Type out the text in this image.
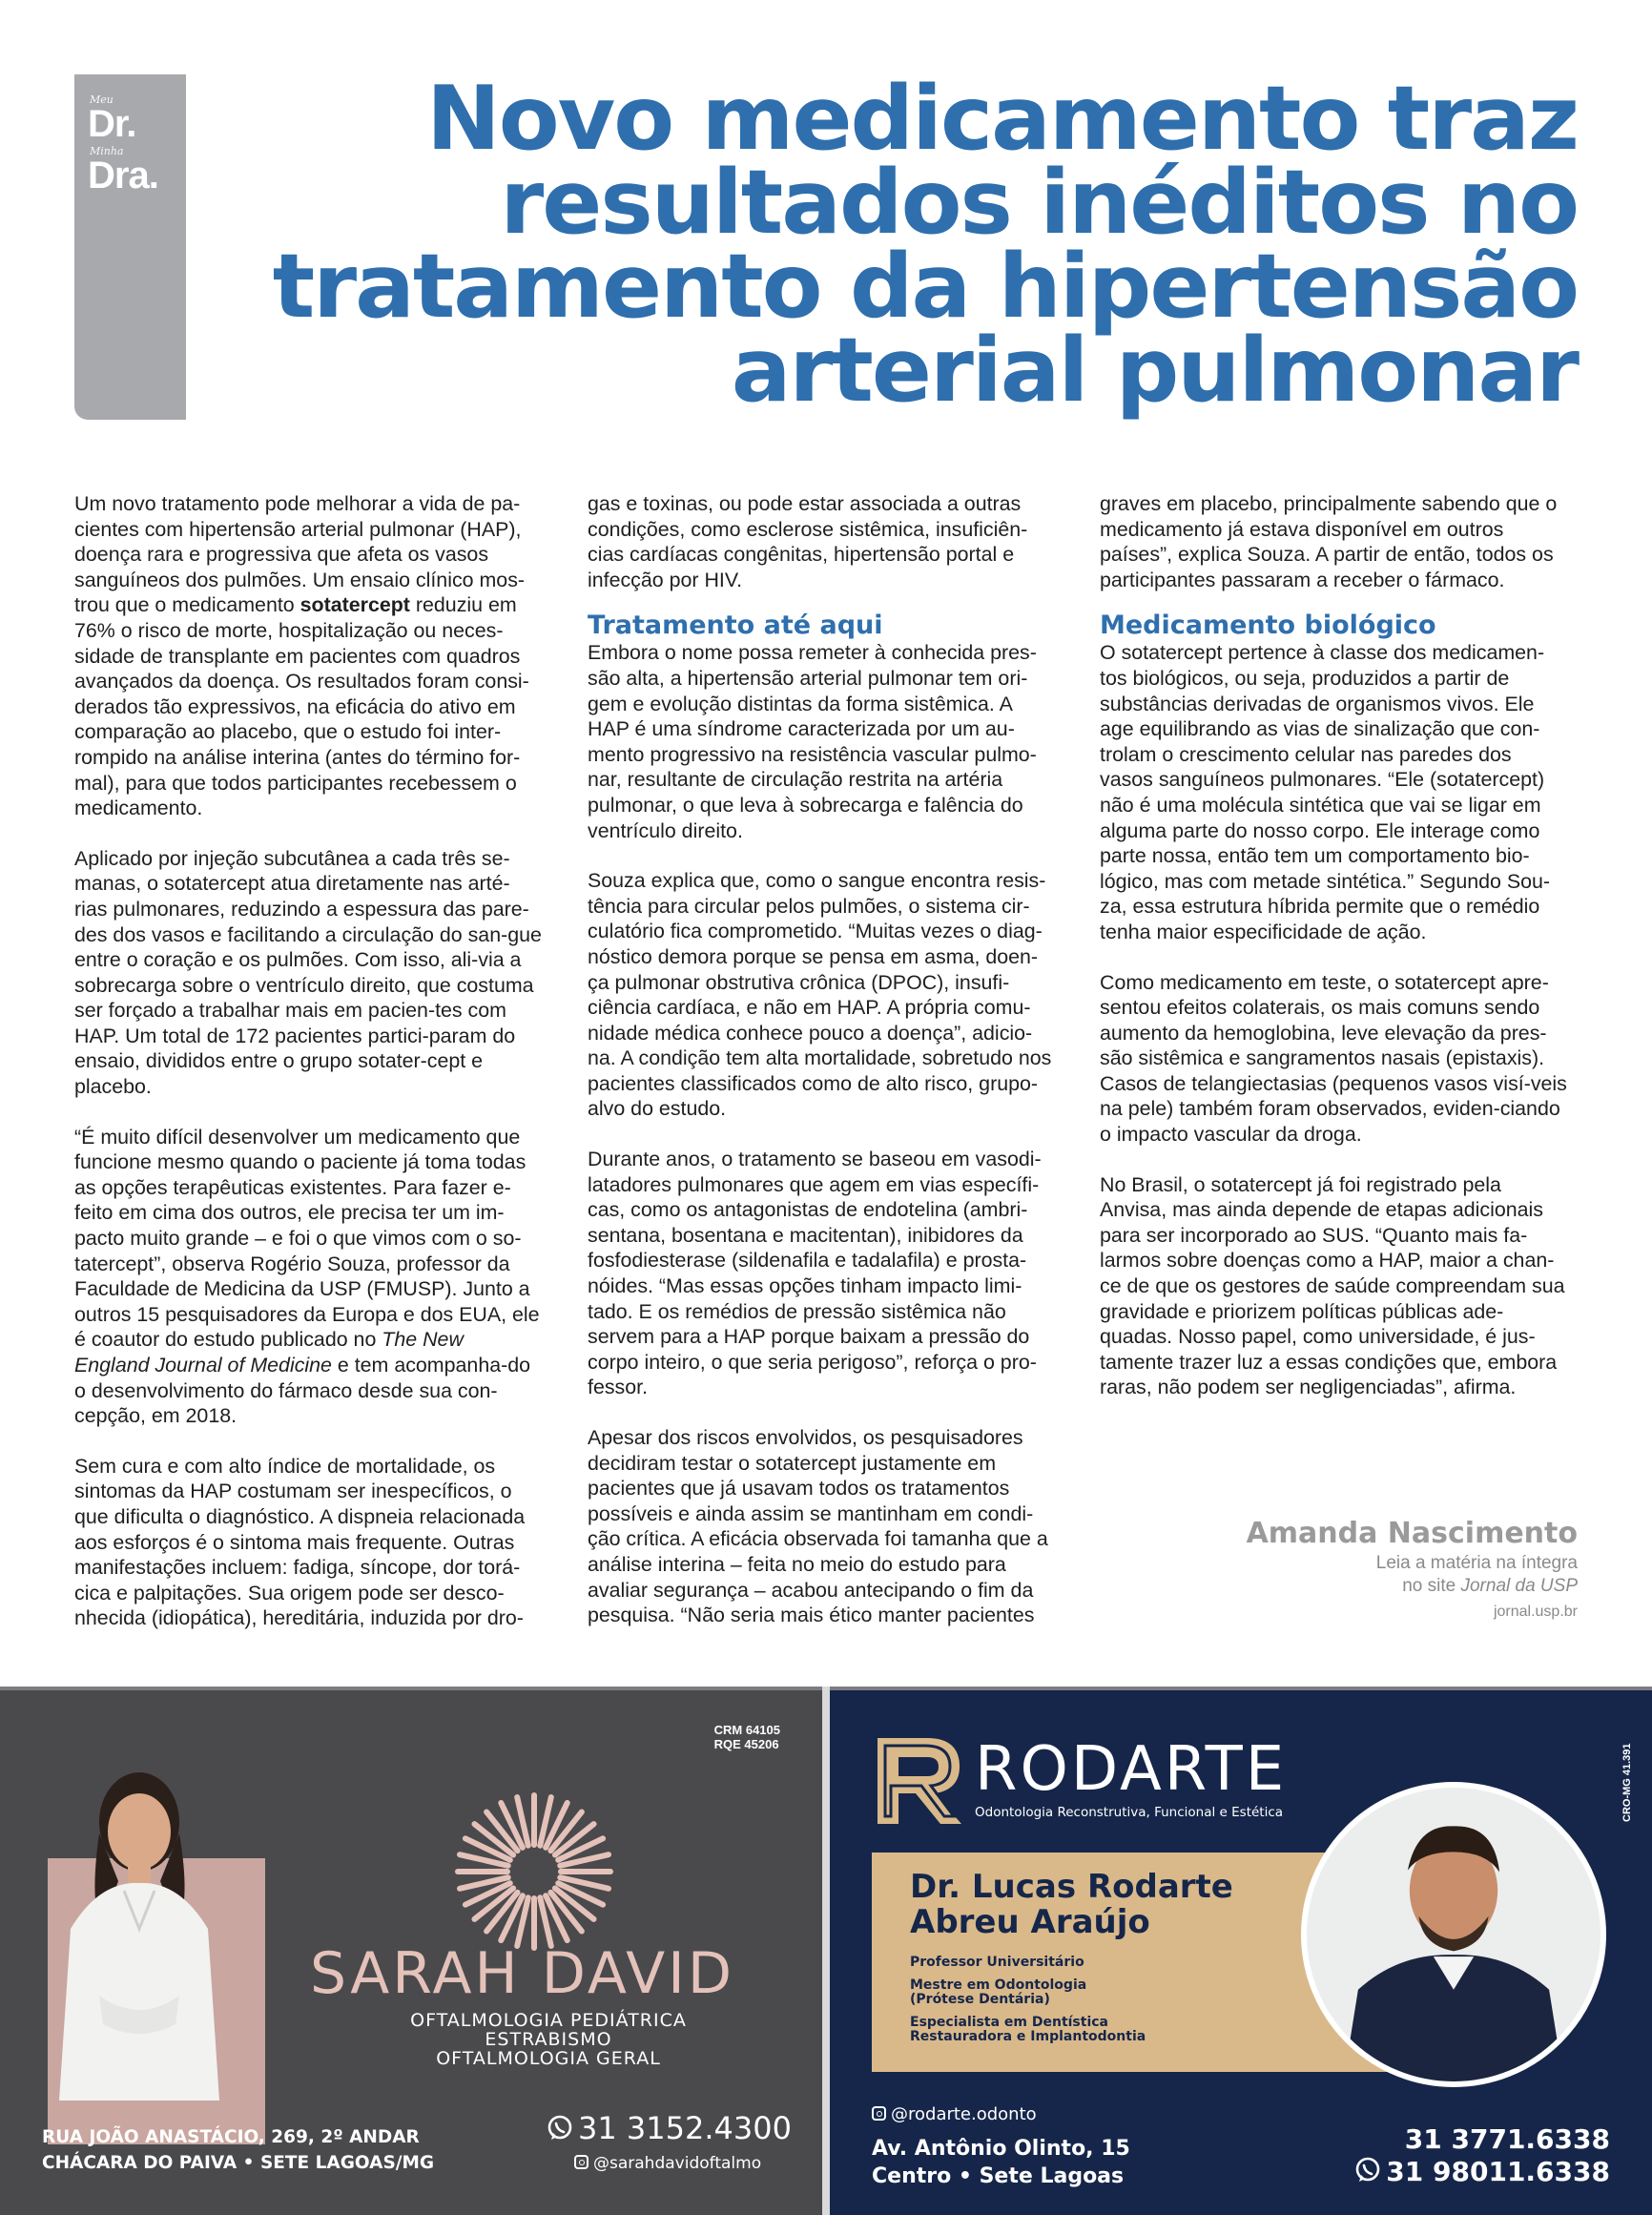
Meu
Dr.
Minha
Dra.
Novo medicamento traz resultados inéditos no tratamento da hipertensão arterial pulmonar

Um novo tratamento pode melhorar a vida de pa-cientes com hipertensão arterial pulmonar (HAP), doença rara e progressiva que afeta os vasos sanguíneos dos pulmões. Um ensaio clínico mos-trou que o medicamento sotatercept reduziu em 76% o risco de morte, hospitalização ou neces-sidade de transplante em pacientes com quadros avançados da doença. Os resultados foram consi-derados tão expressivos, na eficácia do ativo em comparação ao placebo, que o estudo foi inter-rompido na análise interina (antes do término for-mal), para que todos participantes recebessem o medicamento.

Aplicado por injeção subcutânea a cada três se-manas, o sotatercept atua diretamente nas arté-rias pulmonares, reduzindo a espessura das pare-des dos vasos e facilitando a circulação do san-gue entre o coração e os pulmões. Com isso, ali-via a sobrecarga sobre o ventrículo direito, que costuma ser forçado a trabalhar mais em pacien-tes com HAP. Um total de 172 pacientes partici-param do ensaio, divididos entre o grupo sotater-cept e placebo.

“É muito difícil desenvolver um medicamento que funcione mesmo quando o paciente já toma todas as opções terapêuticas existentes. Para fazer e-feito em cima dos outros, ele precisa ter um im-pacto muito grande – e foi o que vimos com o so-tatercept”, observa Rogério Souza, professor da Faculdade de Medicina da USP (FMUSP). Junto a outros 15 pesquisadores da Europa e dos EUA, ele é coautor do estudo publicado no The New England Journal of Medicine e tem acompanha-do o desenvolvimento do fármaco desde sua con-cepção, em 2018.

Sem cura e com alto índice de mortalidade, os sintomas da HAP costumam ser inespecíficos, o que dificulta o diagnóstico. A dispneia relacionada aos esforços é o sintoma mais frequente. Outras manifestações incluem: fadiga, síncope, dor torá-cica e palpitações. Sua origem pode ser desco-nhecida (idiopática), hereditária, induzida por dro-

gas e toxinas, ou pode estar associada a outras condições, como esclerose sistêmica, insuficiên-cias cardíacas congênitas, hipertensão portal e infecção por HIV.

Tratamento até aqui

Embora o nome possa remeter à conhecida pres-são alta, a hipertensão arterial pulmonar tem ori-gem e evolução distintas da forma sistêmica. A HAP é uma síndrome caracterizada por um au-mento progressivo na resistência vascular pulmo-nar, resultante de circulação restrita na artéria pulmonar, o que leva à sobrecarga e falência do ventrículo direito.

Souza explica que, como o sangue encontra resis-tência para circular pelos pulmões, o sistema cir-culatório fica comprometido. “Muitas vezes o diag-nóstico demora porque se pensa em asma, doen-ça pulmonar obstrutiva crônica (DPOC), insufi-ciência cardíaca, e não em HAP. A própria comu-nidade médica conhece pouco a doença”, adicio-na. A condição tem alta mortalidade, sobretudo nos pacientes classificados como de alto risco, grupo-alvo do estudo.

Durante anos, o tratamento se baseou em vasodi-latadores pulmonares que agem em vias específi-cas, como os antagonistas de endotelina (ambri-sentana, bosentana e macitentan), inibidores da fosfodiesterase (sildenafila e tadalafila) e prosta-nóides. “Mas essas opções tinham impacto limi-tado. E os remédios de pressão sistêmica não servem para a HAP porque baixam a pressão do corpo inteiro, o que seria perigoso”, reforça o pro-fessor.

Apesar dos riscos envolvidos, os pesquisadores decidiram testar o sotatercept justamente em pacientes que já usavam todos os tratamentos possíveis e ainda assim se mantinham em condi-ção crítica. A eficácia observada foi tamanha que a análise interina – feita no meio do estudo para avaliar segurança – acabou antecipando o fim da pesquisa. “Não seria mais ético manter pacientes

graves em placebo, principalmente sabendo que o medicamento já estava disponível em outros países”, explica Souza. A partir de então, todos os participantes passaram a receber o fármaco.

Medicamento biológico

O sotatercept pertence à classe dos medicamen-tos biológicos, ou seja, produzidos a partir de substâncias derivadas de organismos vivos. Ele age equilibrando as vias de sinalização que con-trolam o crescimento celular nas paredes dos vasos sanguíneos pulmonares. “Ele (sotatercept) não é uma molécula sintética que vai se ligar em alguma parte do nosso corpo. Ele interage como parte nossa, então tem um comportamento bio-lógico, mas com metade sintética.” Segundo Sou-za, essa estrutura híbrida permite que o remédio tenha maior especificidade de ação.

Como medicamento em teste, o sotatercept apre-sentou efeitos colaterais, os mais comuns sendo aumento da hemoglobina, leve elevação da pres-são sistêmica e sangramentos nasais (epistaxis). Casos de telangiectasias (pequenos vasos visí-veis na pele) também foram observados, eviden-ciando o impacto vascular da droga.

No Brasil, o sotatercept já foi registrado pela Anvisa, mas ainda depende de etapas adicionais para ser incorporado ao SUS. “Quanto mais fa-larmos sobre doenças como a HAP, maior a chan-ce de que os gestores de saúde compreendam sua gravidade e priorizem políticas públicas ade-quadas. Nosso papel, como universidade, é jus-tamente trazer luz a essas condições que, embora raras, não podem ser negligenciadas”, afirma.

Amanda Nascimento
Leia a matéria na íntegra
no site Jornal da USP
jornal.usp.br
CRM 64105
RQE 45206
SARAH DAVID
OFTALMOLOGIA PEDIÁTRICA
ESTRABISMO
OFTALMOLOGIA GERAL
RUA JOÃO ANASTÁCIO, 269, 2º ANDAR
CHÁCARA DO PAIVA • SETE LAGOAS/MG
31 3152.4300
@sarahdavidoftalmo
RODARTE
Odontologia Reconstrutiva, Funcional e Estética	CRO-MG 41.391
Dr. Lucas Rodarte
Abreu Araújo
Professor Universitário
Mestre em Odontologia
(Prótese Dentária)
Especialista em Dentística
Restauradora e Implantodontia
@rodarte.odonto
Av. Antônio Olinto, 15
Centro • Sete Lagoas
31 3771.6338
31 98011.6338
